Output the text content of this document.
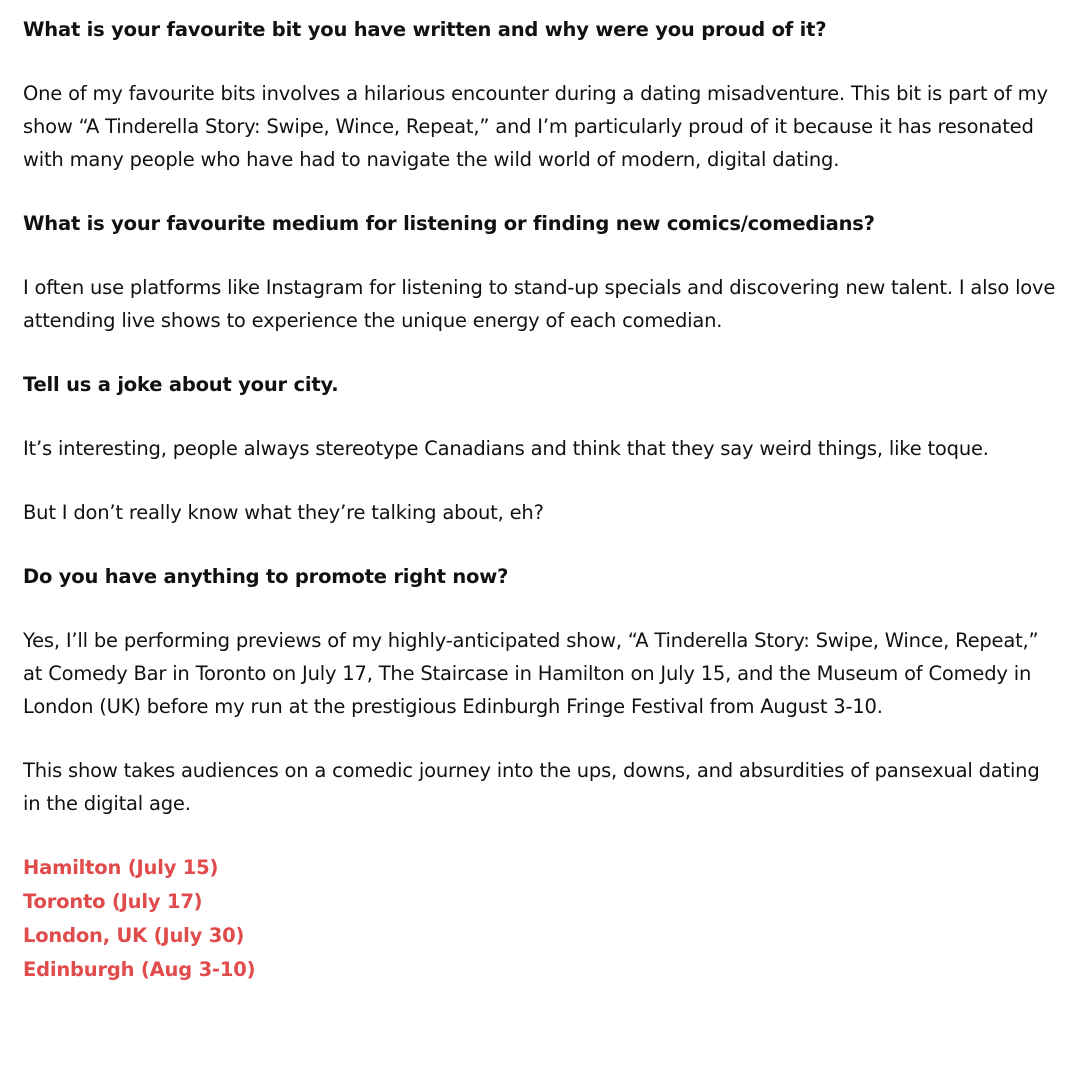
What is your favourite bit you have written and why were you proud of it?

One of my favourite bits involves a hilarious encounter during a dating misadventure. This bit is part of my show “A Tinderella Story: Swipe, Wince, Repeat,” and I’m particularly proud of it because it has resonated with many people who have had to navigate the wild world of modern, digital dating.

What is your favourite medium for listening or finding new comics/comedians?

I often use platforms like Instagram for listening to stand-up specials and discovering new talent. I also love attending live shows to experience the unique energy of each comedian.

Tell us a joke about your city.

It’s interesting, people always stereotype Canadians and think that they say weird things, like toque.

But I don’t really know what they’re talking about, eh?

Do you have anything to promote right now?

Yes, I’ll be performing previews of my highly-anticipated show, “A Tinderella Story: Swipe, Wince, Repeat,” at Comedy Bar in Toronto on July 17, The Staircase in Hamilton on July 15, and the Museum of Comedy in London (UK) before my run at the prestigious Edinburgh Fringe Festival from August 3-10.

This show takes audiences on a comedic journey into the ups, downs, and absurdities of pansexual dating in the digital age.

Hamilton (July 15)
Toronto (July 17)
London, UK (July 30)
Edinburgh (Aug 3-10)
